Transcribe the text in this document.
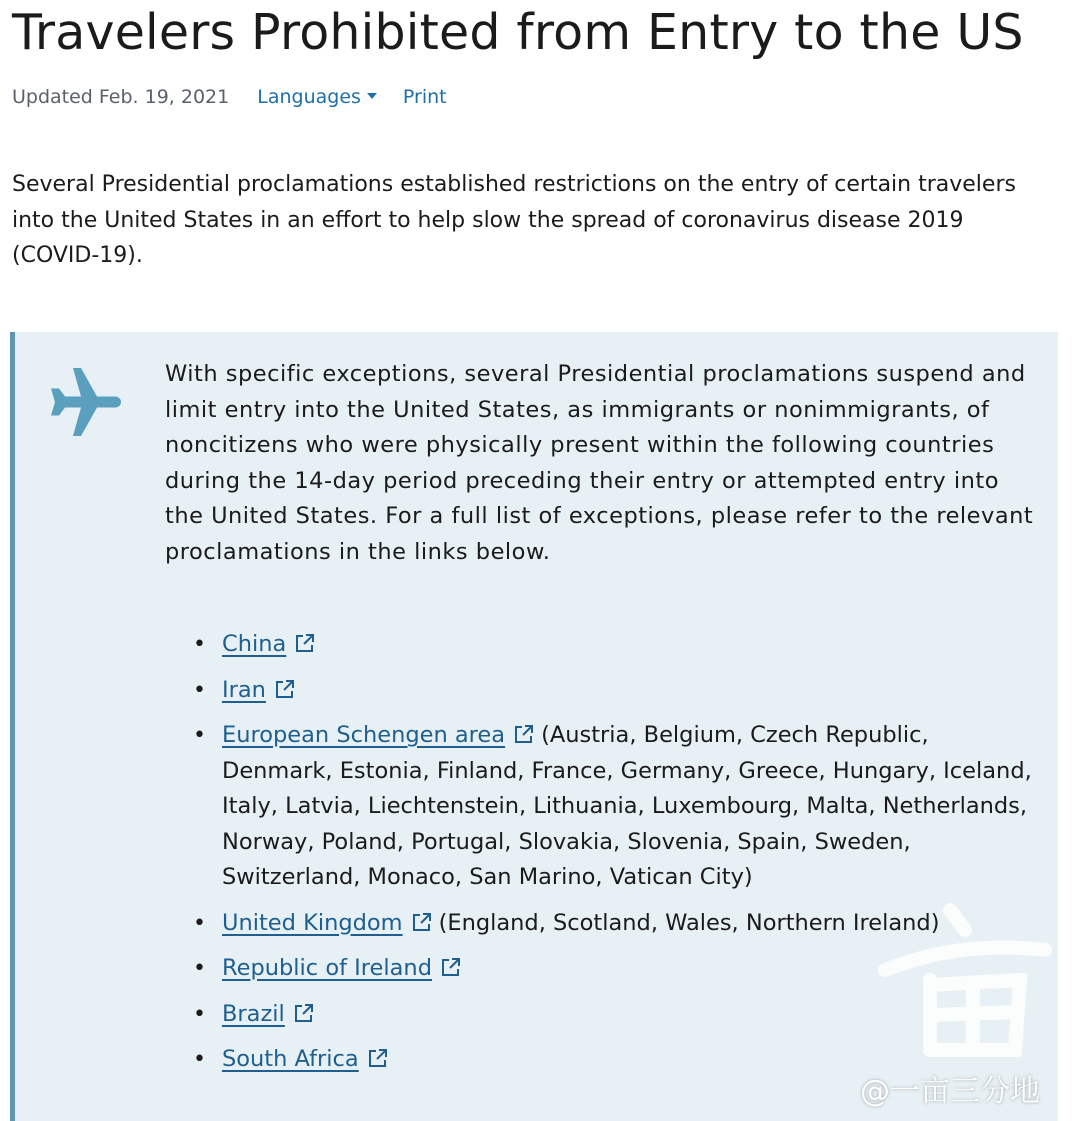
Travelers Prohibited from Entry to the US
Updated Feb. 19, 2021 Languages Print

Several Presidential proclamations established restrictions on the entry of certain travelers into the United States in an effort to help slow the spread of coronavirus disease 2019 (COVID-19).

With specific exceptions, several Presidential proclamations suspend and limit entry into the United States, as immigrants or nonimmigrants, of noncitizens who were physically present within the following countries during the 14-day period preceding their entry or attempted entry into the United States. For a full list of exceptions, please refer to the relevant proclamations in the links below.

• China
• Iran
• European Schengen area (Austria, Belgium, Czech Republic, Denmark, Estonia, Finland, France, Germany, Greece, Hungary, Iceland, Italy, Latvia, Liechtenstein, Lithuania, Luxembourg, Malta, Netherlands, Norway, Poland, Portugal, Slovakia, Slovenia, Spain, Sweden, Switzerland, Monaco, San Marino, Vatican City)
• United Kingdom (England, Scotland, Wales, Northern Ireland)
• Republic of Ireland
• Brazil
• South Africa
@一亩三分地
